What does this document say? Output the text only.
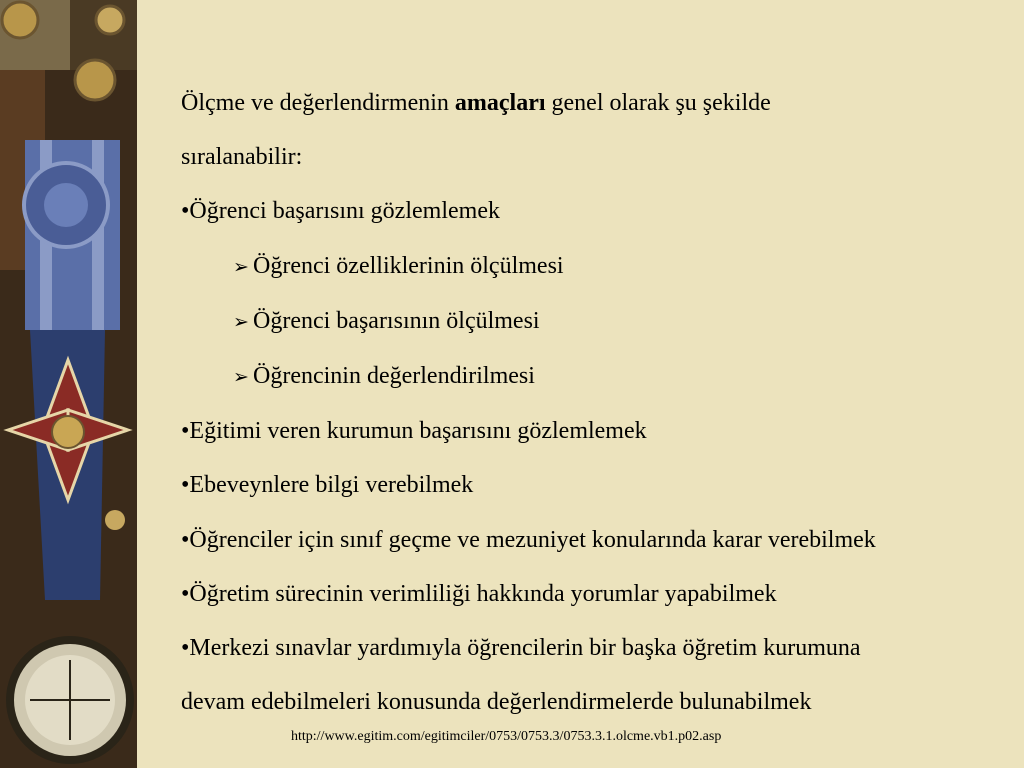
Ölçme ve değerlendirmenin amaçları genel olarak şu şekilde
sıralanabilir:
•Öğrenci başarısını gözlemlemek
➢ Öğrenci özelliklerinin ölçülmesi
➢ Öğrenci başarısının ölçülmesi
➢ Öğrencinin değerlendirilmesi
•Eğitimi veren kurumun başarısını gözlemlemek
•Ebeveynlere bilgi verebilmek
•Öğrenciler için sınıf geçme ve mezuniyet konularında karar verebilmek
•Öğretim sürecinin verimliliği hakkında yorumlar yapabilmek
•Merkezi sınavlar yardımıyla öğrencilerin bir başka öğretim kurumuna
devam edebilmeleri konusunda değerlendirmelerde bulunabilmek
http://www.egitim.com/egitimciler/0753/0753.3/0753.3.1.olcme.vb1.p02.asp
